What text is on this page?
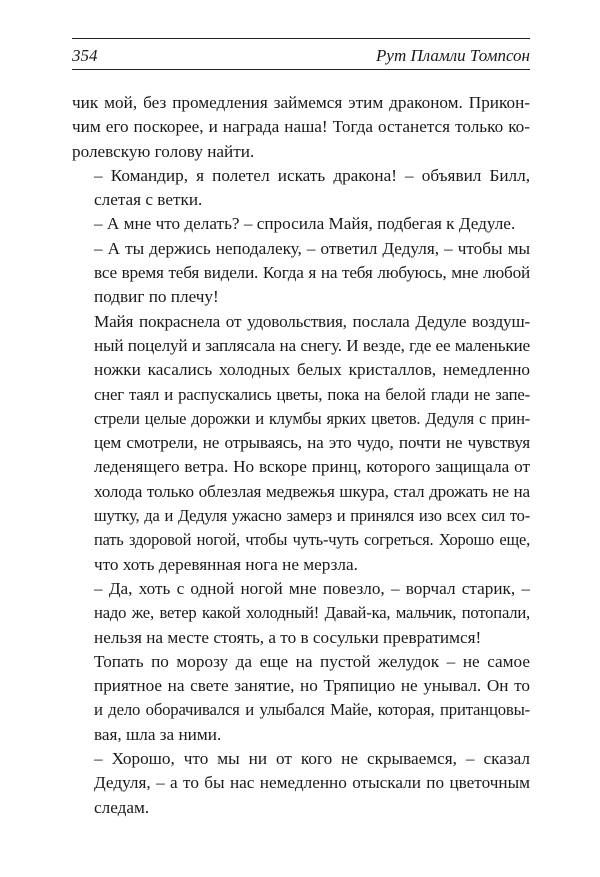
354	Рут Пламли Томпсон

чик мой, без промедления займемся этим драконом. Прикон-
чим его поскорее, и награда наша! Тогда останется только ко-
ролевскую голову найти.

– Командир, я полетел искать дракона! – объявил Билл,
слетая с ветки.

– А мне что делать? – спросила Майя, подбегая к Дедуле.

– А ты держись неподалеку, – ответил Дедуля, – чтобы мы
все время тебя видели. Когда я на тебя любуюсь, мне любой
подвиг по плечу!

Майя покраснела от удовольствия, послала Дедуле воздуш-
ный поцелуй и заплясала на снегу. И везде, где ее маленькие
ножки касались холодных белых кристаллов, немедленно
снег таял и распускались цветы, пока на белой глади не запе-
стрели целые дорожки и клумбы ярких цветов. Дедуля с прин-
цем смотрели, не отрываясь, на это чудо, почти не чувствуя
леденящего ветра. Но вскоре принц, которого защищала от
холода только облезлая медвежья шкура, стал дрожать не на
шутку, да и Дедуля ужасно замерз и принялся изо всех сил то-
пать здоровой ногой, чтобы чуть-чуть согреться. Хорошо еще,
что хоть деревянная нога не мерзла.

– Да, хоть с одной ногой мне повезло, – ворчал старик, –
надо же, ветер какой холодный! Давай-ка, мальчик, потопали,
нельзя на месте стоять, а то в сосульки превратимся!

Топать по морозу да еще на пустой желудок – не самое
приятное на свете занятие, но Тряпицио не унывал. Он то
и дело оборачивался и улыбался Майе, которая, пританцовы-
вая, шла за ними.

– Хорошо, что мы ни от кого не скрываемся, – сказал
Дедуля, – а то бы нас немедленно отыскали по цветочным
следам.
